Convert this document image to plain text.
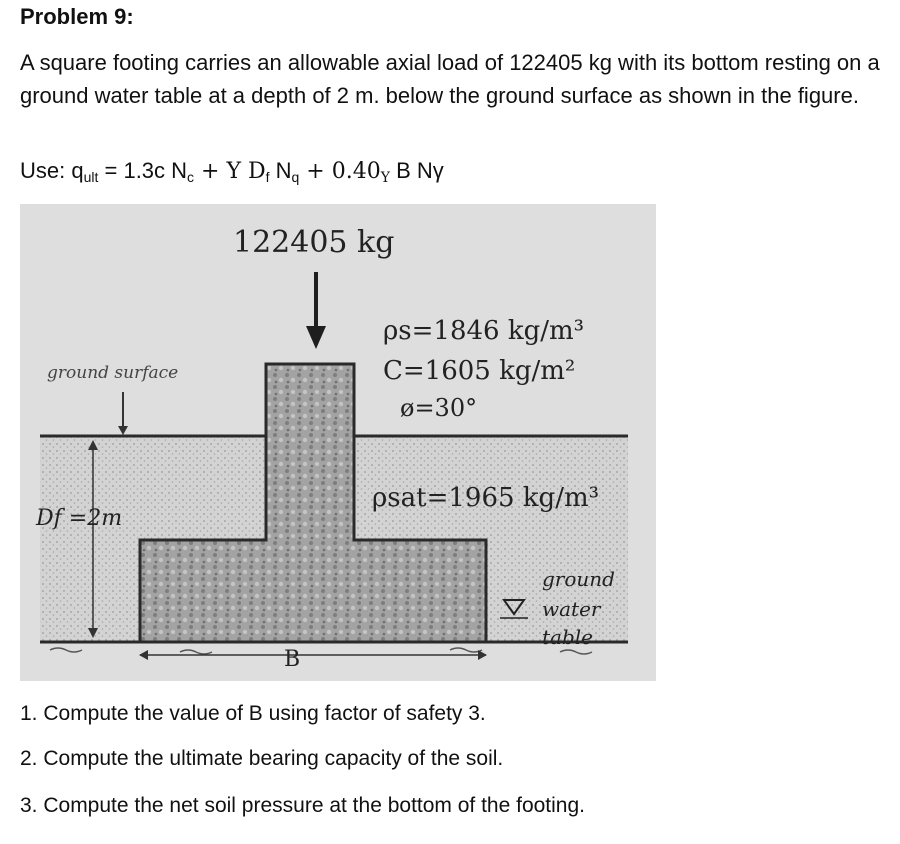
Problem 9:

A square footing carries an allowable axial load of 122405 kg with its bottom resting on a ground water table at a depth of 2 m. below the ground surface as shown in the figure.

Use: $q_{ult} = 1.3c$ $N_c + \Upsilon$ $D_f$ $N_q + 0.40_\Upsilon$ B Nγ
122405 kg
ground surface
ρs=1846 kg/m³
C=1605 kg/m²
ø=30°
ρsat=1965 kg/m³
Df =2m
ground
water
table
B
1. Compute the value of B using factor of safety 3.
2. Compute the ultimate bearing capacity of the soil.
3. Compute the net soil pressure at the bottom of the footing.
